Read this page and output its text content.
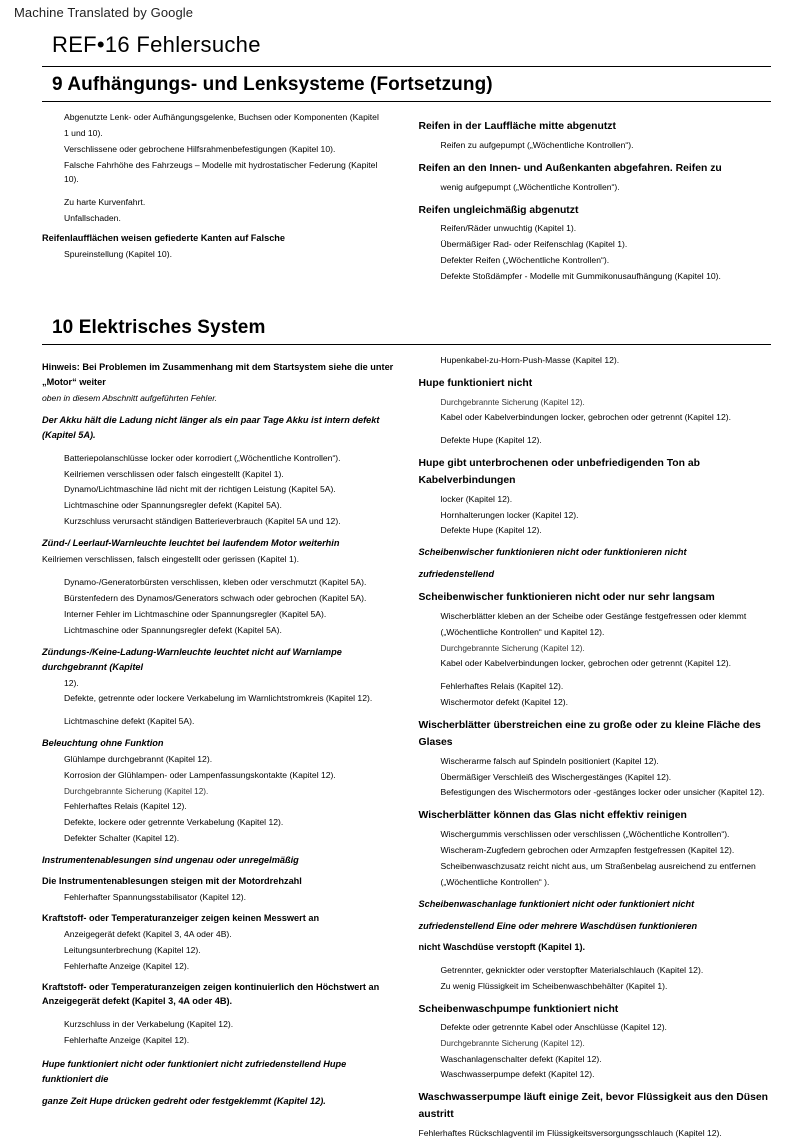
Machine Translated by Google
REF•16 Fehlersuche
9 Aufhängungs- und Lenksysteme (Fortsetzung)

Abgenutzte Lenk- oder Aufhängungsgelenke, Buchsen oder Komponenten (Kapitel

1 und 10).

Verschlissene oder gebrochene Hilfsrahmenbefestigungen (Kapitel 10).

Falsche Fahrhöhe des Fahrzeugs – Modelle mit hydrostatischer Federung (Kapitel 10).

Zu harte Kurvenfahrt.

Unfallschaden.

Reifenlaufflächen weisen gefiederte Kanten auf Falsche

Spureinstellung (Kapitel 10).

Reifen in der Lauffläche mitte abgenutzt

Reifen zu aufgepumpt („Wöchentliche Kontrollen“).

Reifen an den Innen- und Außenkanten abgefahren. Reifen zu

wenig aufgepumpt („Wöchentliche Kontrollen“).

Reifen ungleichmäßig abgenutzt

Reifen/Räder unwuchtig (Kapitel 1).

Übermäßiger Rad- oder Reifenschlag (Kapitel 1).

Defekter Reifen („Wöchentliche Kontrollen“).

Defekte Stoßdämpfer - Modelle mit Gummikonusaufhängung (Kapitel 10).

10 Elektrisches System

Hinweis: Bei Problemen im Zusammenhang mit dem Startsystem siehe die unter „Motor“ weiter

oben in diesem Abschnitt aufgeführten Fehler.

Der Akku hält die Ladung nicht länger als ein paar Tage Akku ist intern defekt (Kapitel 5A).

Batteriepolanschlüsse locker oder korrodiert („Wöchentliche Kontrollen“).

Keilriemen verschlissen oder falsch eingestellt (Kapitel 1).

Dynamo/Lichtmaschine läd nicht mit der richtigen Leistung (Kapitel 5A).

Lichtmaschine oder Spannungsregler defekt (Kapitel 5A).

Kurzschluss verursacht ständigen Batterieverbrauch (Kapitel 5A und 12).

Zünd-/ Leerlauf-Warnleuchte leuchtet bei laufendem Motor weiterhin

Keilriemen verschlissen, falsch eingestellt oder gerissen (Kapitel 1).

Dynamo-/Generatorbürsten verschlissen, kleben oder verschmutzt (Kapitel 5A).

Bürstenfedern des Dynamos/Generators schwach oder gebrochen (Kapitel 5A).

Interner Fehler im Lichtmaschine oder Spannungsregler (Kapitel 5A).

Lichtmaschine oder Spannungsregler defekt (Kapitel 5A).

Zündungs-/Keine-Ladung-Warnleuchte leuchtet nicht auf Warnlampe durchgebrannt (Kapitel

12).

Defekte, getrennte oder lockere Verkabelung im Warnlichtstromkreis (Kapitel 12).

Lichtmaschine defekt (Kapitel 5A).

Beleuchtung ohne Funktion

Glühlampe durchgebrannt (Kapitel 12).

Korrosion der Glühlampen- oder Lampenfassungskontakte (Kapitel 12).

Durchgebrannte Sicherung (Kapitel 12).

Fehlerhaftes Relais (Kapitel 12).

Defekte, lockere oder getrennte Verkabelung (Kapitel 12).

Defekter Schalter (Kapitel 12).

Instrumentenablesungen sind ungenau oder unregelmäßig

Die Instrumentenablesungen steigen mit der Motordrehzahl

Fehlerhafter Spannungsstabilisator (Kapitel 12).

Kraftstoff- oder Temperaturanzeiger zeigen keinen Messwert an

Anzeigegerät defekt (Kapitel 3, 4A oder 4B).

Leitungsunterbrechung (Kapitel 12).

Fehlerhafte Anzeige (Kapitel 12).

Kraftstoff- oder Temperaturanzeigen zeigen kontinuierlich den Höchstwert an Anzeigegerät defekt (Kapitel 3, 4A oder 4B).

Kurzschluss in der Verkabelung (Kapitel 12).

Fehlerhafte Anzeige (Kapitel 12).

Hupe funktioniert nicht oder funktioniert nicht zufriedenstellend Hupe funktioniert die

ganze Zeit Hupe drücken gedreht oder festgeklemmt (Kapitel 12).

Hupenkabel-zu-Horn-Push-Masse (Kapitel 12).

Hupe funktioniert nicht

Durchgebrannte Sicherung (Kapitel 12).

Kabel oder Kabelverbindungen locker, gebrochen oder getrennt (Kapitel 12).

Defekte Hupe (Kapitel 12).

Hupe gibt unterbrochenen oder unbefriedigenden Ton ab Kabelverbindungen

locker (Kapitel 12).

Hornhalterungen locker (Kapitel 12).

Defekte Hupe (Kapitel 12).

Scheibenwischer funktionieren nicht oder funktionieren nicht

zufriedenstellend

Scheibenwischer funktionieren nicht oder nur sehr langsam

Wischerblätter kleben an der Scheibe oder Gestänge festgefressen oder klemmt

(„Wöchentliche Kontrollen“ und Kapitel 12).

Durchgebrannte Sicherung (Kapitel 12).

Kabel oder Kabelverbindungen locker, gebrochen oder getrennt (Kapitel 12).

Fehlerhaftes Relais (Kapitel 12).

Wischermotor defekt (Kapitel 12).

Wischerblätter überstreichen eine zu große oder zu kleine Fläche des Glases

Wischerarme falsch auf Spindeln positioniert (Kapitel 12).

Übermäßiger Verschleiß des Wischergestänges (Kapitel 12).

Befestigungen des Wischermotors oder -gestänges locker oder unsicher (Kapitel 12).

Wischerblätter können das Glas nicht effektiv reinigen

Wischergummis verschlissen oder verschlissen („Wöchentliche Kontrollen“).

Wischeram-Zugfedern gebrochen oder Armzapfen festgefressen (Kapitel 12).

Scheibenwaschzusatz reicht nicht aus, um Straßenbelag ausreichend zu entfernen

(„Wöchentliche Kontrollen“ ).

Scheibenwaschanlage funktioniert nicht oder funktioniert nicht

zufriedenstellend Eine oder mehrere Waschdüsen funktionieren

nicht Waschdüse verstopft (Kapitel 1).

Getrennter, geknickter oder verstopfter Materialschlauch (Kapitel 12).

Zu wenig Flüssigkeit im Scheibenwaschbehälter (Kapitel 1).

Scheibenwaschpumpe funktioniert nicht

Defekte oder getrennte Kabel oder Anschlüsse (Kapitel 12).

Durchgebrannte Sicherung (Kapitel 12).

Waschanlagenschalter defekt (Kapitel 12).

Waschwasserpumpe defekt (Kapitel 12).

Waschwasserpumpe läuft einige Zeit, bevor Flüssigkeit aus den Düsen austritt

Fehlerhaftes Rückschlagventil im Flüssigkeitsversorgungsschlauch (Kapitel 12).
